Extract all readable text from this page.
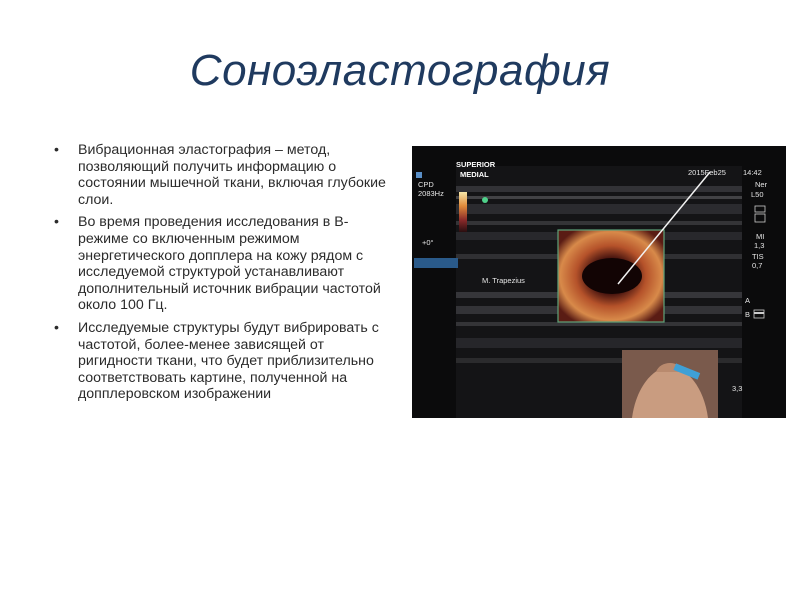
Соноэластография
• Вибрационная эластография – метод, позволяющий получить информацию о состоянии мышечной ткани, включая глубокие слои.
• Во время проведения исследования в В-режиме со включенным режимом энергетического допплера на кожу рядом с исследуемой структурой устанавливают дополнительный источник вибрации частотой около 100 Гц.
• Исследуемые структуры будут вибрировать с частотой, более-менее зависящей от ригидности ткани, что будет приблизительно соответствовать картине, полученной на допплеровском изображении
SUPERIOR
MEDIAL
CPD
2083Hz
+0°
2015Feb25 14:42
Ner
L50
MI
1,3
TIS
0,7
A
B
3,3
M. Trapezius
